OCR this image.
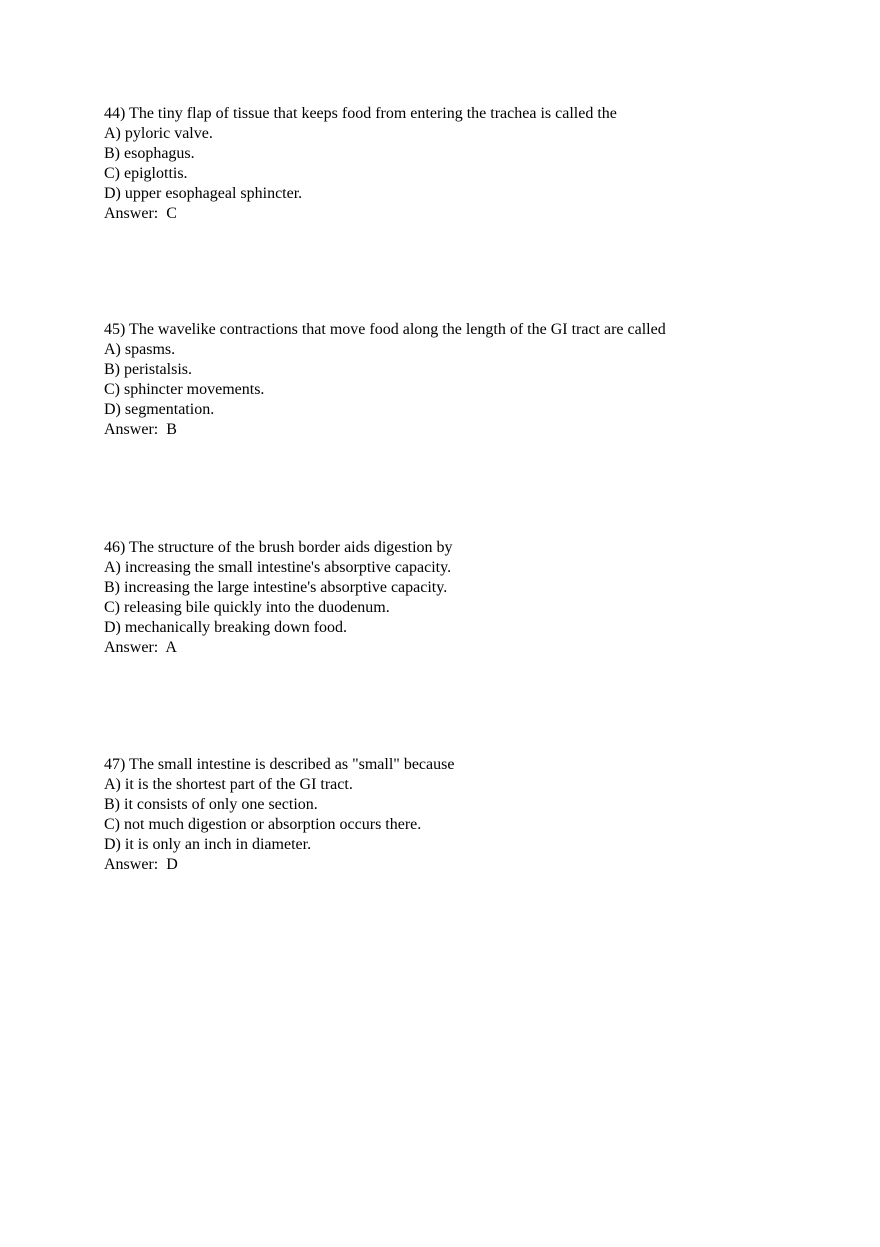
44) The tiny flap of tissue that keeps food from entering the trachea is called the
A) pyloric valve.
B) esophagus.
C) epiglottis.
D) upper esophageal sphincter.
Answer:  C
45) The wavelike contractions that move food along the length of the GI tract are called
A) spasms.
B) peristalsis.
C) sphincter movements.
D) segmentation.
Answer:  B
46) The structure of the brush border aids digestion by
A) increasing the small intestine's absorptive capacity.
B) increasing the large intestine's absorptive capacity.
C) releasing bile quickly into the duodenum.
D) mechanically breaking down food.
Answer:  A
47) The small intestine is described as "small" because
A) it is the shortest part of the GI tract.
B) it consists of only one section.
C) not much digestion or absorption occurs there.
D) it is only an inch in diameter.
Answer:  D
